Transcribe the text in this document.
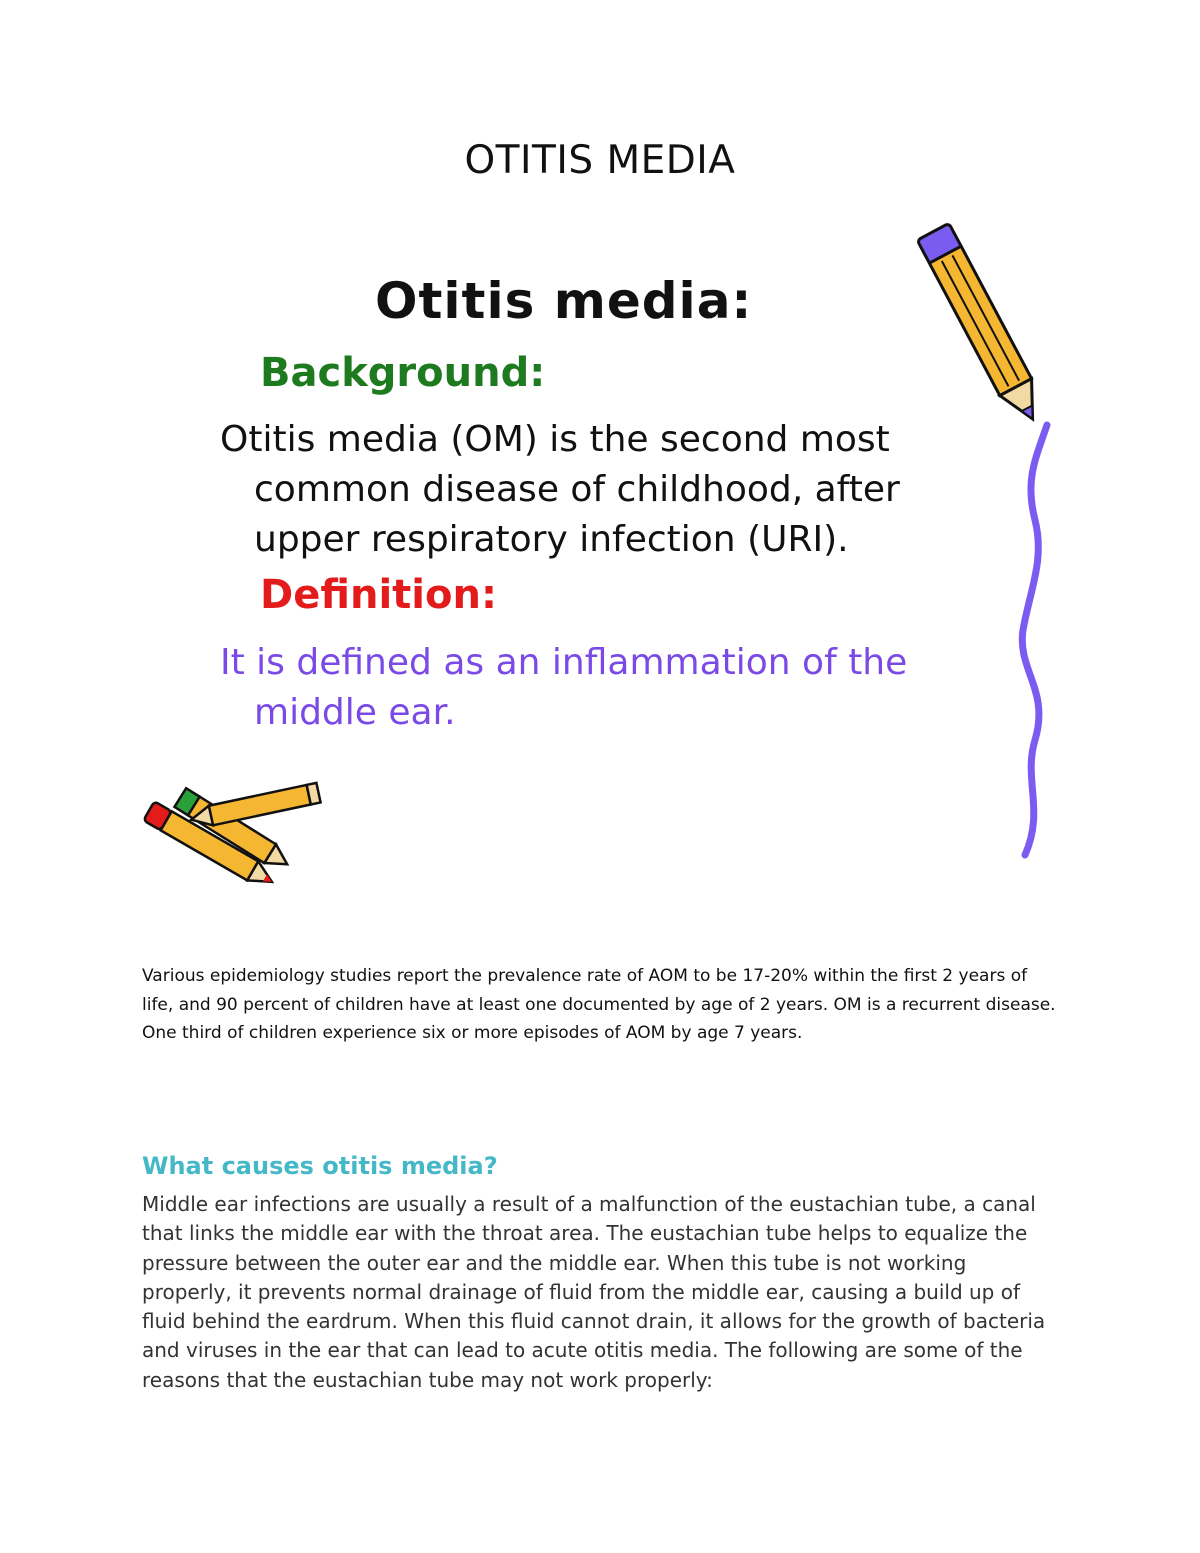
OTITIS MEDIA
Otitis media:
Background:
Otitis media (OM) is the second most
common disease of childhood, after
upper respiratory infection (URI).
Definition:
It is defined as an inflammation of the
middle ear.
Various epidemiology studies report the prevalence rate of AOM to be 17-20% within the first 2 years of life, and 90 percent of children have at least one documented by age of 2 years. OM is a recurrent disease. One third of children experience six or more episodes of AOM by age 7 years.
What causes otitis media?
Middle ear infections are usually a result of a malfunction of the eustachian tube, a canal that links the middle ear with the throat area. The eustachian tube helps to equalize the pressure between the outer ear and the middle ear. When this tube is not working properly, it prevents normal drainage of fluid from the middle ear, causing a build up of fluid behind the eardrum. When this fluid cannot drain, it allows for the growth of bacteria and viruses in the ear that can lead to acute otitis media. The following are some of the reasons that the eustachian tube may not work properly:
